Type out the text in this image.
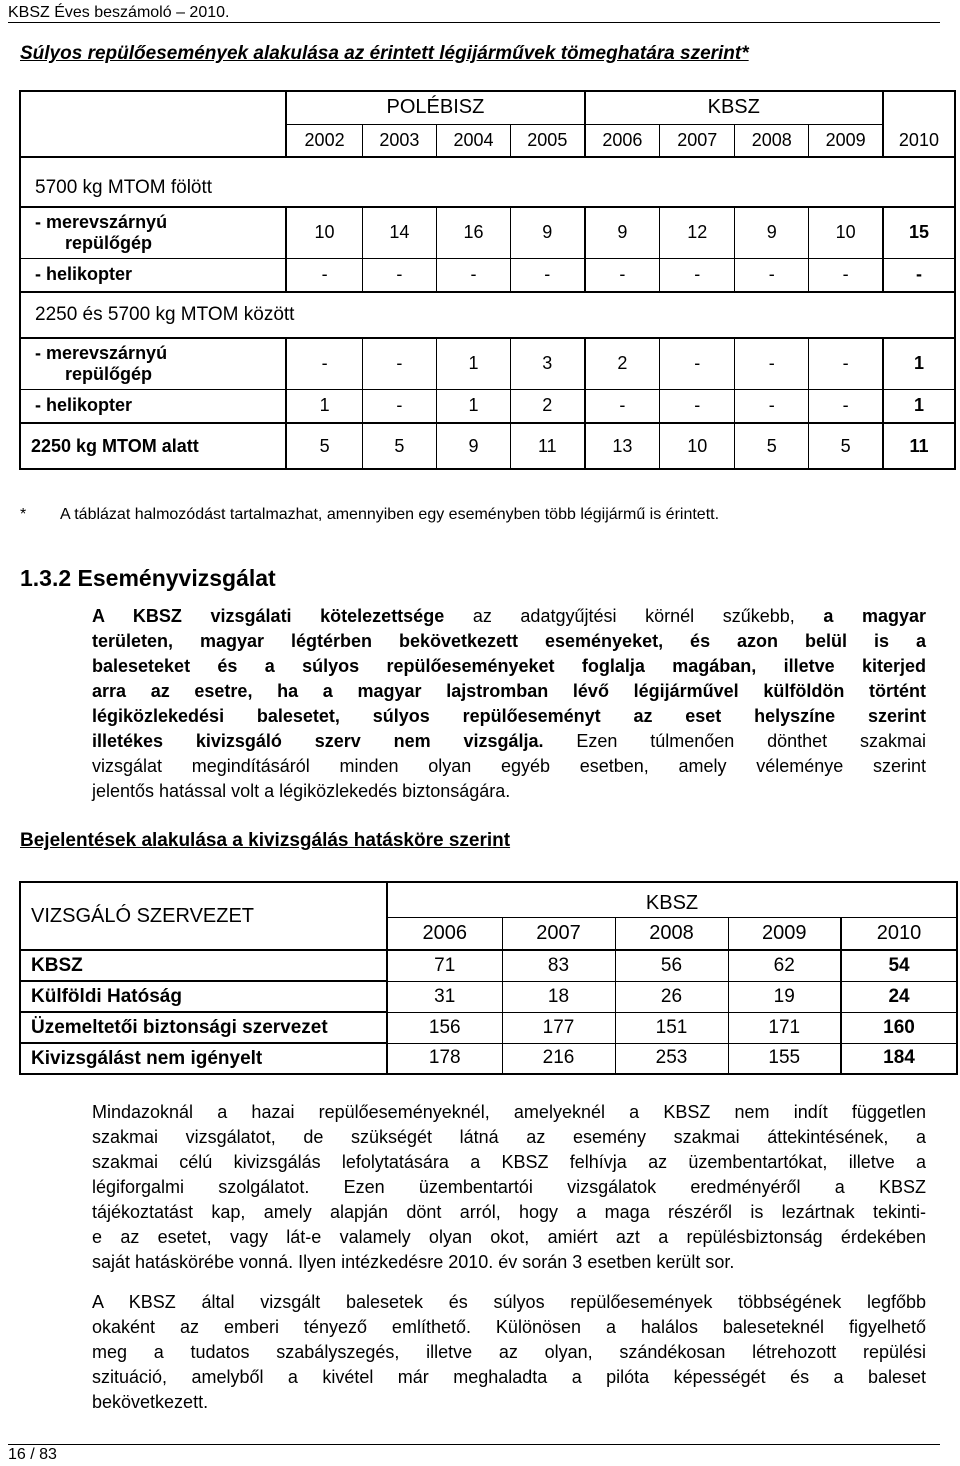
KBSZ Éves beszámoló – 2010.
Súlyos repülőesemények alakulása az érintett légijárművek tömeghatára szerint*
	POLÉBISZ				KBSZ				
	2002	2003	2004	2005	2006	2007	2008	2009	2010
5700 kg MTOM fölött									
- merevszárnyú
repülőgép	10	14	16	9	9	12	9	10	15
- helikopter	-	-	-	-	-	-	-	-	-
2250 és 5700 kg MTOM között									
- merevszárnyú
repülőgép	-	-	1	3	2	-	-	-	1
- helikopter	1	-	1	2	-	-	-	-	1
2250 kg MTOM alatt	5	5	9	11	13	10	5	5	11
* A táblázat halmozódást tartalmazhat, amennyiben egy eseményben több légijármű is érintett.
1.3.2 Eseményvizsgálat
A KBSZ vizsgálati kötelezettsége az adatgyűjtési körnél szűkebb, a magyar
területen, magyar légtérben bekövetkezett eseményeket, és azon belül is a
baleseteket és a súlyos repülőeseményeket foglalja magában, illetve kiterjed
arra az esetre, ha a magyar lajstromban lévő légijárművel külföldön történt
légiközlekedési balesetet, súlyos repülőeseményt az eset helyszíne szerint
illetékes kivizsgáló szerv nem vizsgálja. Ezen túlmenően dönthet szakmai
vizsgálat megindításáról minden olyan egyéb esetben, amely véleménye szerint
jelentős hatással volt a légiközlekedés biztonságára.
Bejelentések alakulása a kivizsgálás hatásköre szerint
VIZSGÁLÓ SZERVEZET	KBSZ				
	2006	2007	2008	2009	2010
KBSZ	71	83	56	62	54
Külföldi Hatóság	31	18	26	19	24
Üzemeltetői biztonsági szervezet	156	177	151	171	160
Kivizsgálást nem igényelt	178	216	253	155	184
Mindazoknál a hazai repülőeseményeknél, amelyeknél a KBSZ nem indít független
szakmai vizsgálatot, de szükségét látná az esemény szakmai áttekintésének, a
szakmai célú kivizsgálás lefolytatására a KBSZ felhívja az üzembentartókat, illetve a
légiforgalmi szolgálatot. Ezen üzembentartói vizsgálatok eredményéről a KBSZ
tájékoztatást kap, amely alapján dönt arról, hogy a maga részéről is lezártnak tekinti-
e az esetet, vagy lát-e valamely olyan okot, amiért azt a repülésbiztonság érdekében
saját hatáskörébe vonná. Ilyen intézkedésre 2010. év során 3 esetben került sor.
A KBSZ által vizsgált balesetek és súlyos repülőesemények többségének legfőbb
okaként az emberi tényező említhető. Különösen a halálos baleseteknél figyelhető
meg a tudatos szabályszegés, illetve az olyan, szándékosan létrehozott repülési
szituáció, amelyből a kivétel már meghaladta a pilóta képességét és a baleset
bekövetkezett.
16 / 83
